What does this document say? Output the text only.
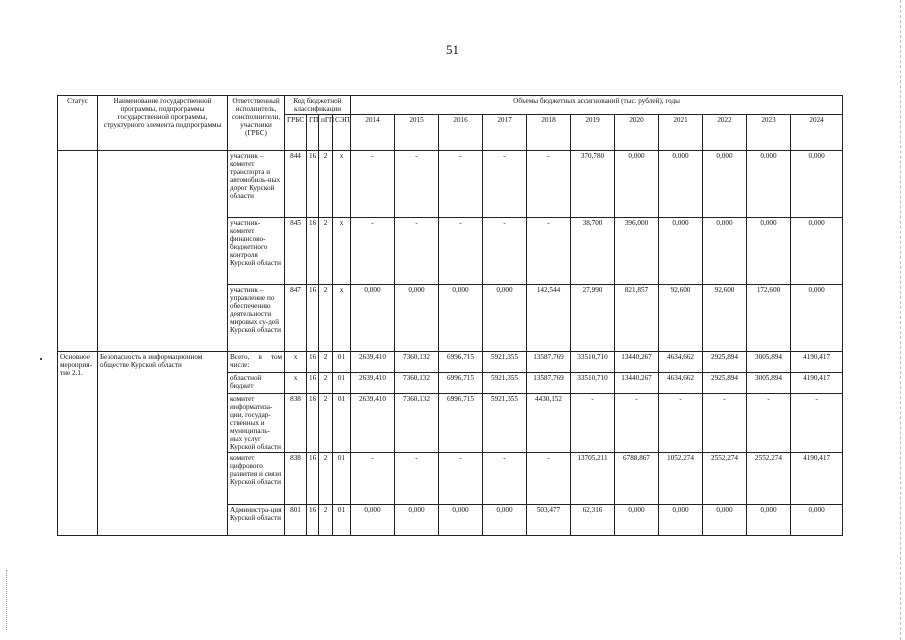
51
Статус	Наименование государственной программы, подпрограммы государственной программы, структурного элемента подпрограммы	Ответственный исполнитель, соисполнители, участники (ГРБС)	Код бюджетной классификации				Объемы бюджетных ассигнований (тыс. рублей), годы										
			ГРБС	ГП	пГП	СЭП	2014	2015	2016	2017	2018	2019	2020	2021	2022	2023	2024
		участник – комитет транспорта и автомобиль-ных дорог Курской области	844	16	2	х	-	-	-	-	-	370,780	0,000	0,000	0,000	0,000	0,000
		участник-комитет финансово-бюджетного контроля Курской области	845	16	2	х	-	-	-	-	-	38,700	396,000	0,000	0,000	0,000	0,000
		участник – управление по обеспечению деятельности мировых су-дей Курской области	847	16	2	х	0,000	0,000	0,000	0,000	142,544	27,990	821,857	92,600	92,600	172,600	0,000
Основное мероприя-тие 2.1.	Безопасность в информационном обществе Курской области	Всего, в том числе:	х	16	2	01	2639,410	7360,132	6996,715	5921,355	13587,769	33510,710	13440,267	4634,662	2925,894	3005,894	4190,417
		областной бюджет	х	16	2	01	2639,410	7360,132	6996,715	5921,355	13587,769	33510,710	13440,267	4634,662	2925,894	3005,894	4190,417
		комитет информатиза-ции, государ-ственных и муниципаль-ных услуг Курской области	838	16	2	01	2639,410	7360,132	6996,715	5921,355	4430,152	-	-	-	-	-	-
		комитет цифрового развития и связи Курской области	838	16	2	01	-	-	-	-	-	13705,211	6788,867	1052,274	2552,274	2552,274	4190,417
		Администра-ция Курской области	801	16	2	01	0,000	0,000	0,000	0,000	503,477	62,316	0,000	0,000	0,000	0,000	0,000
